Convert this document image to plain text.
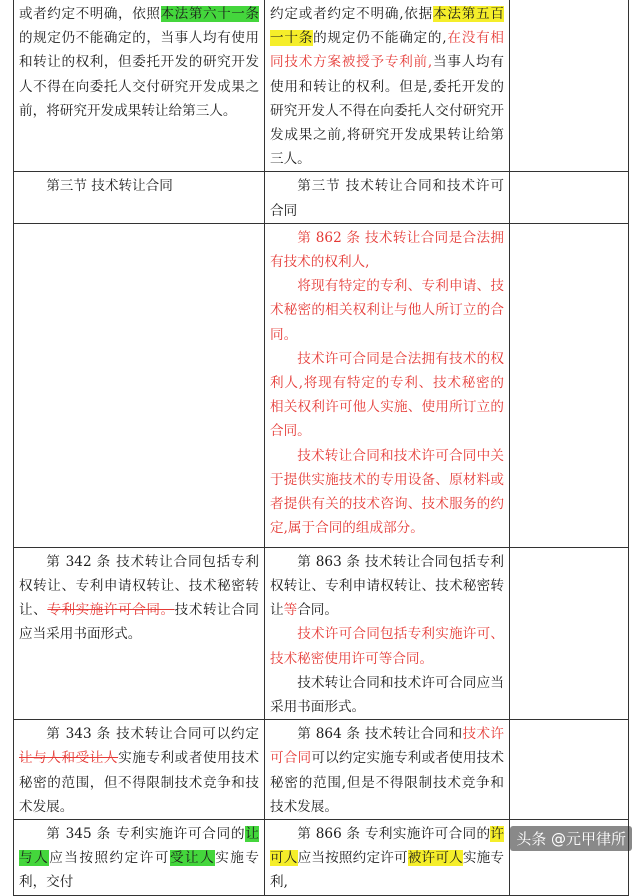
或者约定不明确，依照本法第六十一条的规定仍不能确定的，当事人均有使用和转让的权利，但委托开发的研究开发人不得在向委托人交付研究开发成果之前，将研究开发成果转让给第三人。	约定或者约定不明确,依据本法第五百一十条的规定仍不能确定的,在没有相同技术方案被授予专利前,当事人均有使用和转让的权利。但是,委托开发的研究开发人不得在向委托人交付研究开发成果之前,将研究开发成果转让给第三人。	
第三节 技术转让合同	第三节 技术转让合同和技术许可合同	

	第 862 条 技术转让合同是合法拥有技术的权利人,

将现有特定的专利、专利申请、技术秘密的相关权利让与他人所订立的合同。

技术许可合同是合法拥有技术的权利人,将现有特定的专利、技术秘密的相关权利许可他人实施、使用所订立的合同。

技术转让合同和技术许可合同中关于提供实施技术的专用设备、原材料或者提供有关的技术咨询、技术服务的约定,属于合同的组成部分。	

第 342 条 技术转让合同包括专利权转让、专利申请权转让、技术秘密转让、专利实施许可合同。技术转让合同应当采用书面形式。	第 863 条 技术转让合同包括专利权转让、专利申请权转让、技术秘密转让等合同。

技术许可合同包括专利实施许可、技术秘密使用许可等合同。

技术转让合同和技术许可合同应当采用书面形式。	

第 343 条 技术转让合同可以约定让与人和受让人实施专利或者使用技术秘密的范围，但不得限制技术竞争和技术发展。	第 864 条 技术转让合同和技术许可合同可以约定实施专利或者使用技术秘密的范围,但是不得限制技术竞争和技术发展。	
第 345 条 专利实施许可合同的让与人应当按照约定许可受让人实施专利，交付	第 866 条 专利实施许可合同的许可人应当按照约定许可被许可人实施专利,	
头条 @元甲律所
